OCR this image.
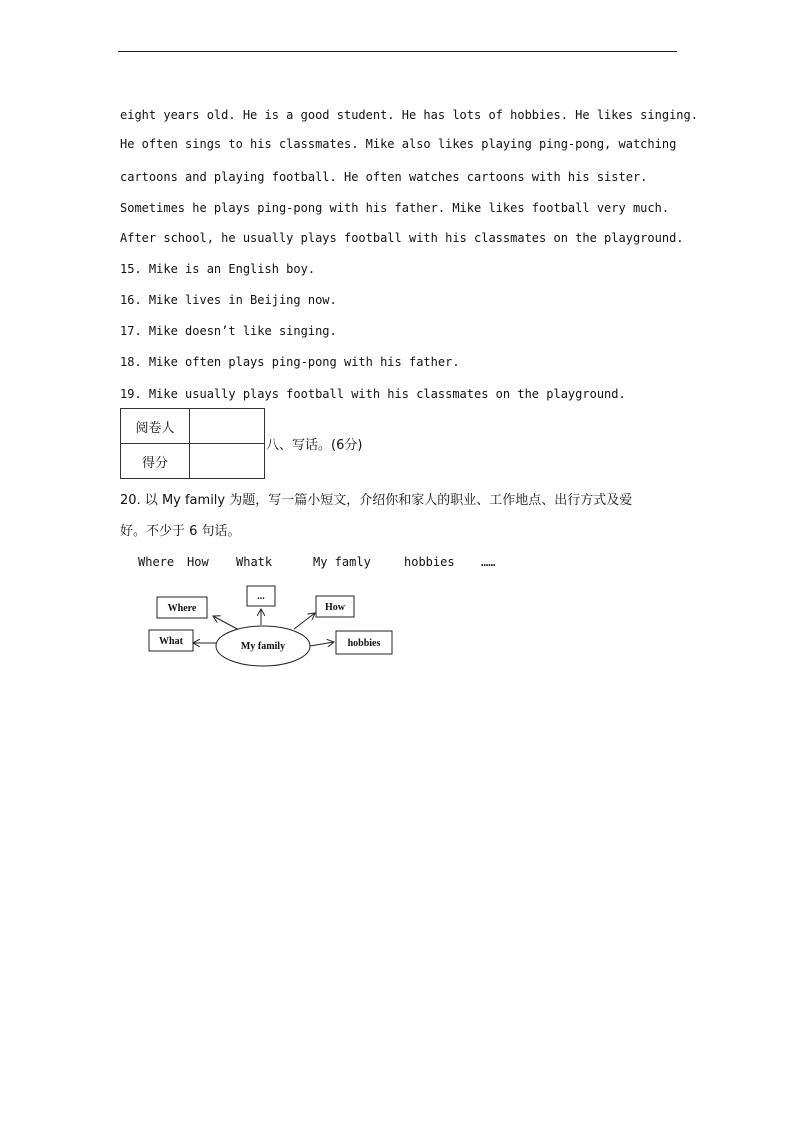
eight years old. He is a good student. He has lots of hobbies. He likes singing.
He often sings to his classmates. Mike also likes playing ping-pong, watching
cartoons and playing football. He often watches cartoons with his sister.
Sometimes he plays ping-pong with his father. Mike likes football very much.
After school, he usually plays football with his classmates on the playground.
15. Mike is an English boy.
16. Mike lives in Beijing now.
17. Mike doesn’t like singing.
18. Mike often plays ping-pong with his father.
19. Mike usually plays football with his classmates on the playground.
阅卷人	
得分	
八、写话。(6分)
20. 以 My family 为题，写一篇小短文，介绍你和家人的职业、工作地点、出行方式及爱
好。不少于 6 句话。
Where How Whatk	My famly	hobbies ……
My family
Where
What
...
How
hobbies
